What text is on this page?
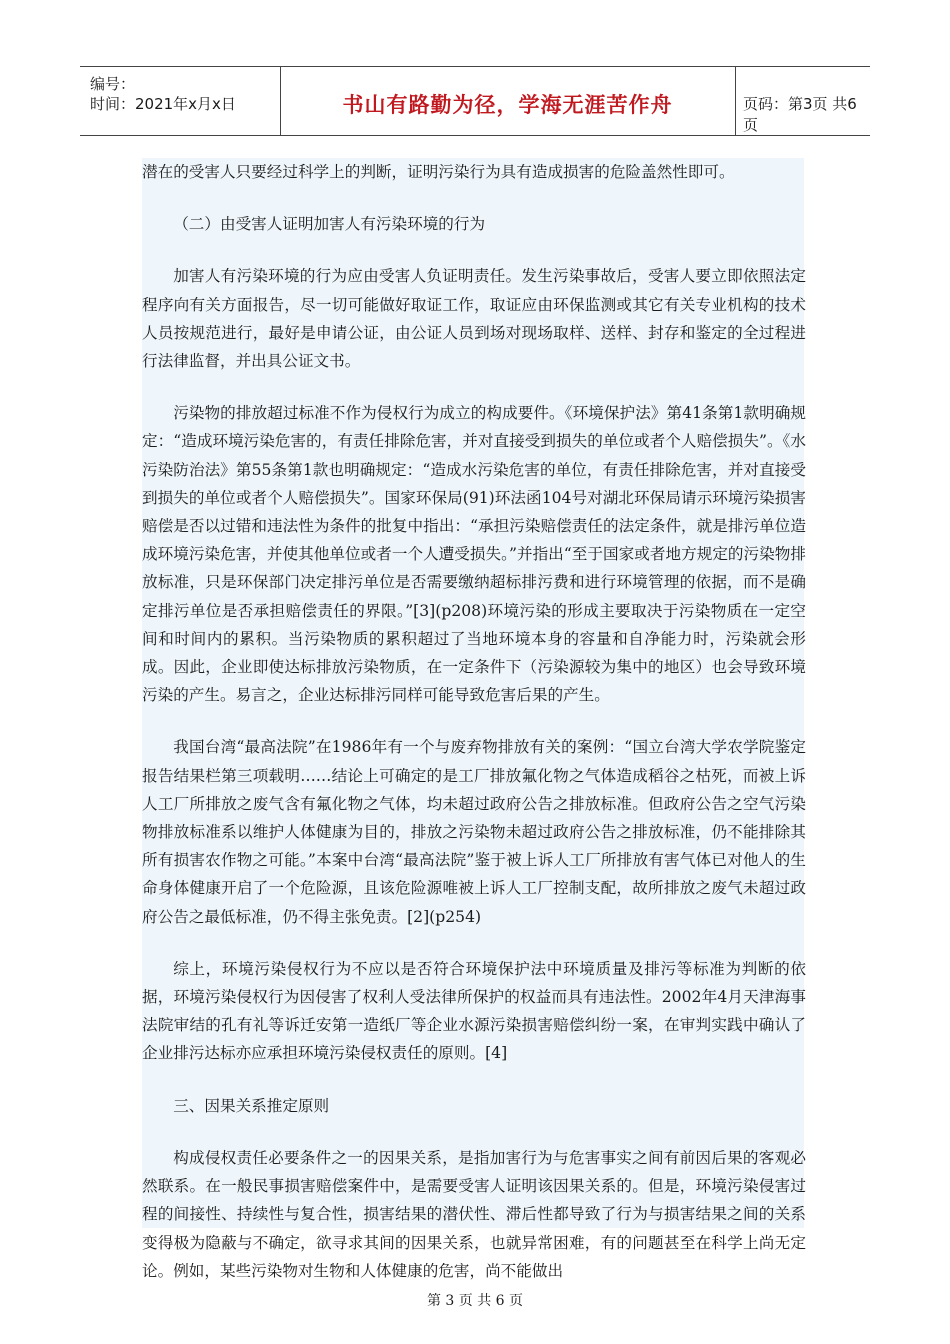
编号：
时间：2021年x月x日	书山有路勤为径，学海无涯苦作舟	页码：第3页 共6页

潜在的受害人只要经过科学上的判断，证明污染行为具有造成损害的危险盖然性即可。

（二）由受害人证明加害人有污染环境的行为

加害人有污染环境的行为应由受害人负证明责任。发生污染事故后，受害人要立即依照法定程序向有关方面报告，尽一切可能做好取证工作，取证应由环保监测或其它有关专业机构的技术人员按规范进行，最好是申请公证，由公证人员到场对现场取样、送样、封存和鉴定的全过程进行法律监督，并出具公证文书。

污染物的排放超过标准不作为侵权行为成立的构成要件。《环境保护法》第41条第1款明确规定：“造成环境污染危害的，有责任排除危害，并对直接受到损失的单位或者个人赔偿损失”。《水污染防治法》第55条第1款也明确规定：“造成水污染危害的单位，有责任排除危害，并对直接受到损失的单位或者个人赔偿损失”。国家环保局(91)环法函104号对湖北环保局请示环境污染损害赔偿是否以过错和违法性为条件的批复中指出：“承担污染赔偿责任的法定条件，就是排污单位造成环境污染危害，并使其他单位或者一个人遭受损失。”并指出“至于国家或者地方规定的污染物排放标准，只是环保部门决定排污单位是否需要缴纳超标排污费和进行环境管理的依据，而不是确定排污单位是否承担赔偿责任的界限。”[3](p208)环境污染的形成主要取决于污染物质在一定空间和时间内的累积。当污染物质的累积超过了当地环境本身的容量和自净能力时，污染就会形成。因此，企业即使达标排放污染物质，在一定条件下（污染源较为集中的地区）也会导致环境污染的产生。易言之，企业达标排污同样可能导致危害后果的产生。

我国台湾“最高法院”在1986年有一个与废弃物排放有关的案例：“国立台湾大学农学院鉴定报告结果栏第三项载明……结论上可确定的是工厂排放氟化物之气体造成稻谷之枯死，而被上诉人工厂所排放之废气含有氟化物之气体，均未超过政府公告之排放标准。但政府公告之空气污染物排放标准系以维护人体健康为目的，排放之污染物未超过政府公告之排放标准，仍不能排除其所有损害农作物之可能。”本案中台湾“最高法院”鉴于被上诉人工厂所排放有害气体已对他人的生命身体健康开启了一个危险源，且该危险源唯被上诉人工厂控制支配，故所排放之废气未超过政府公告之最低标准，仍不得主张免责。[2](p254)

综上，环境污染侵权行为不应以是否符合环境保护法中环境质量及排污等标准为判断的依据，环境污染侵权行为因侵害了权利人受法律所保护的权益而具有违法性。2002年4月天津海事法院审结的孔有礼等诉迁安第一造纸厂等企业水源污染损害赔偿纠纷一案，在审判实践中确认了企业排污达标亦应承担环境污染侵权责任的原则。[4]

三、因果关系推定原则

构成侵权责任必要条件之一的因果关系，是指加害行为与危害事实之间有前因后果的客观必然联系。在一般民事损害赔偿案件中，是需要受害人证明该因果关系的。但是，环境污染侵害过程的间接性、持续性与复合性，损害结果的潜伏性、滞后性都导致了行为与损害结果之间的关系变得极为隐蔽与不确定，欲寻求其间的因果关系，也就异常困难，有的问题甚至在科学上尚无定论。例如，某些污染物对生物和人体健康的危害，尚不能做出

第 3 页 共 6 页
